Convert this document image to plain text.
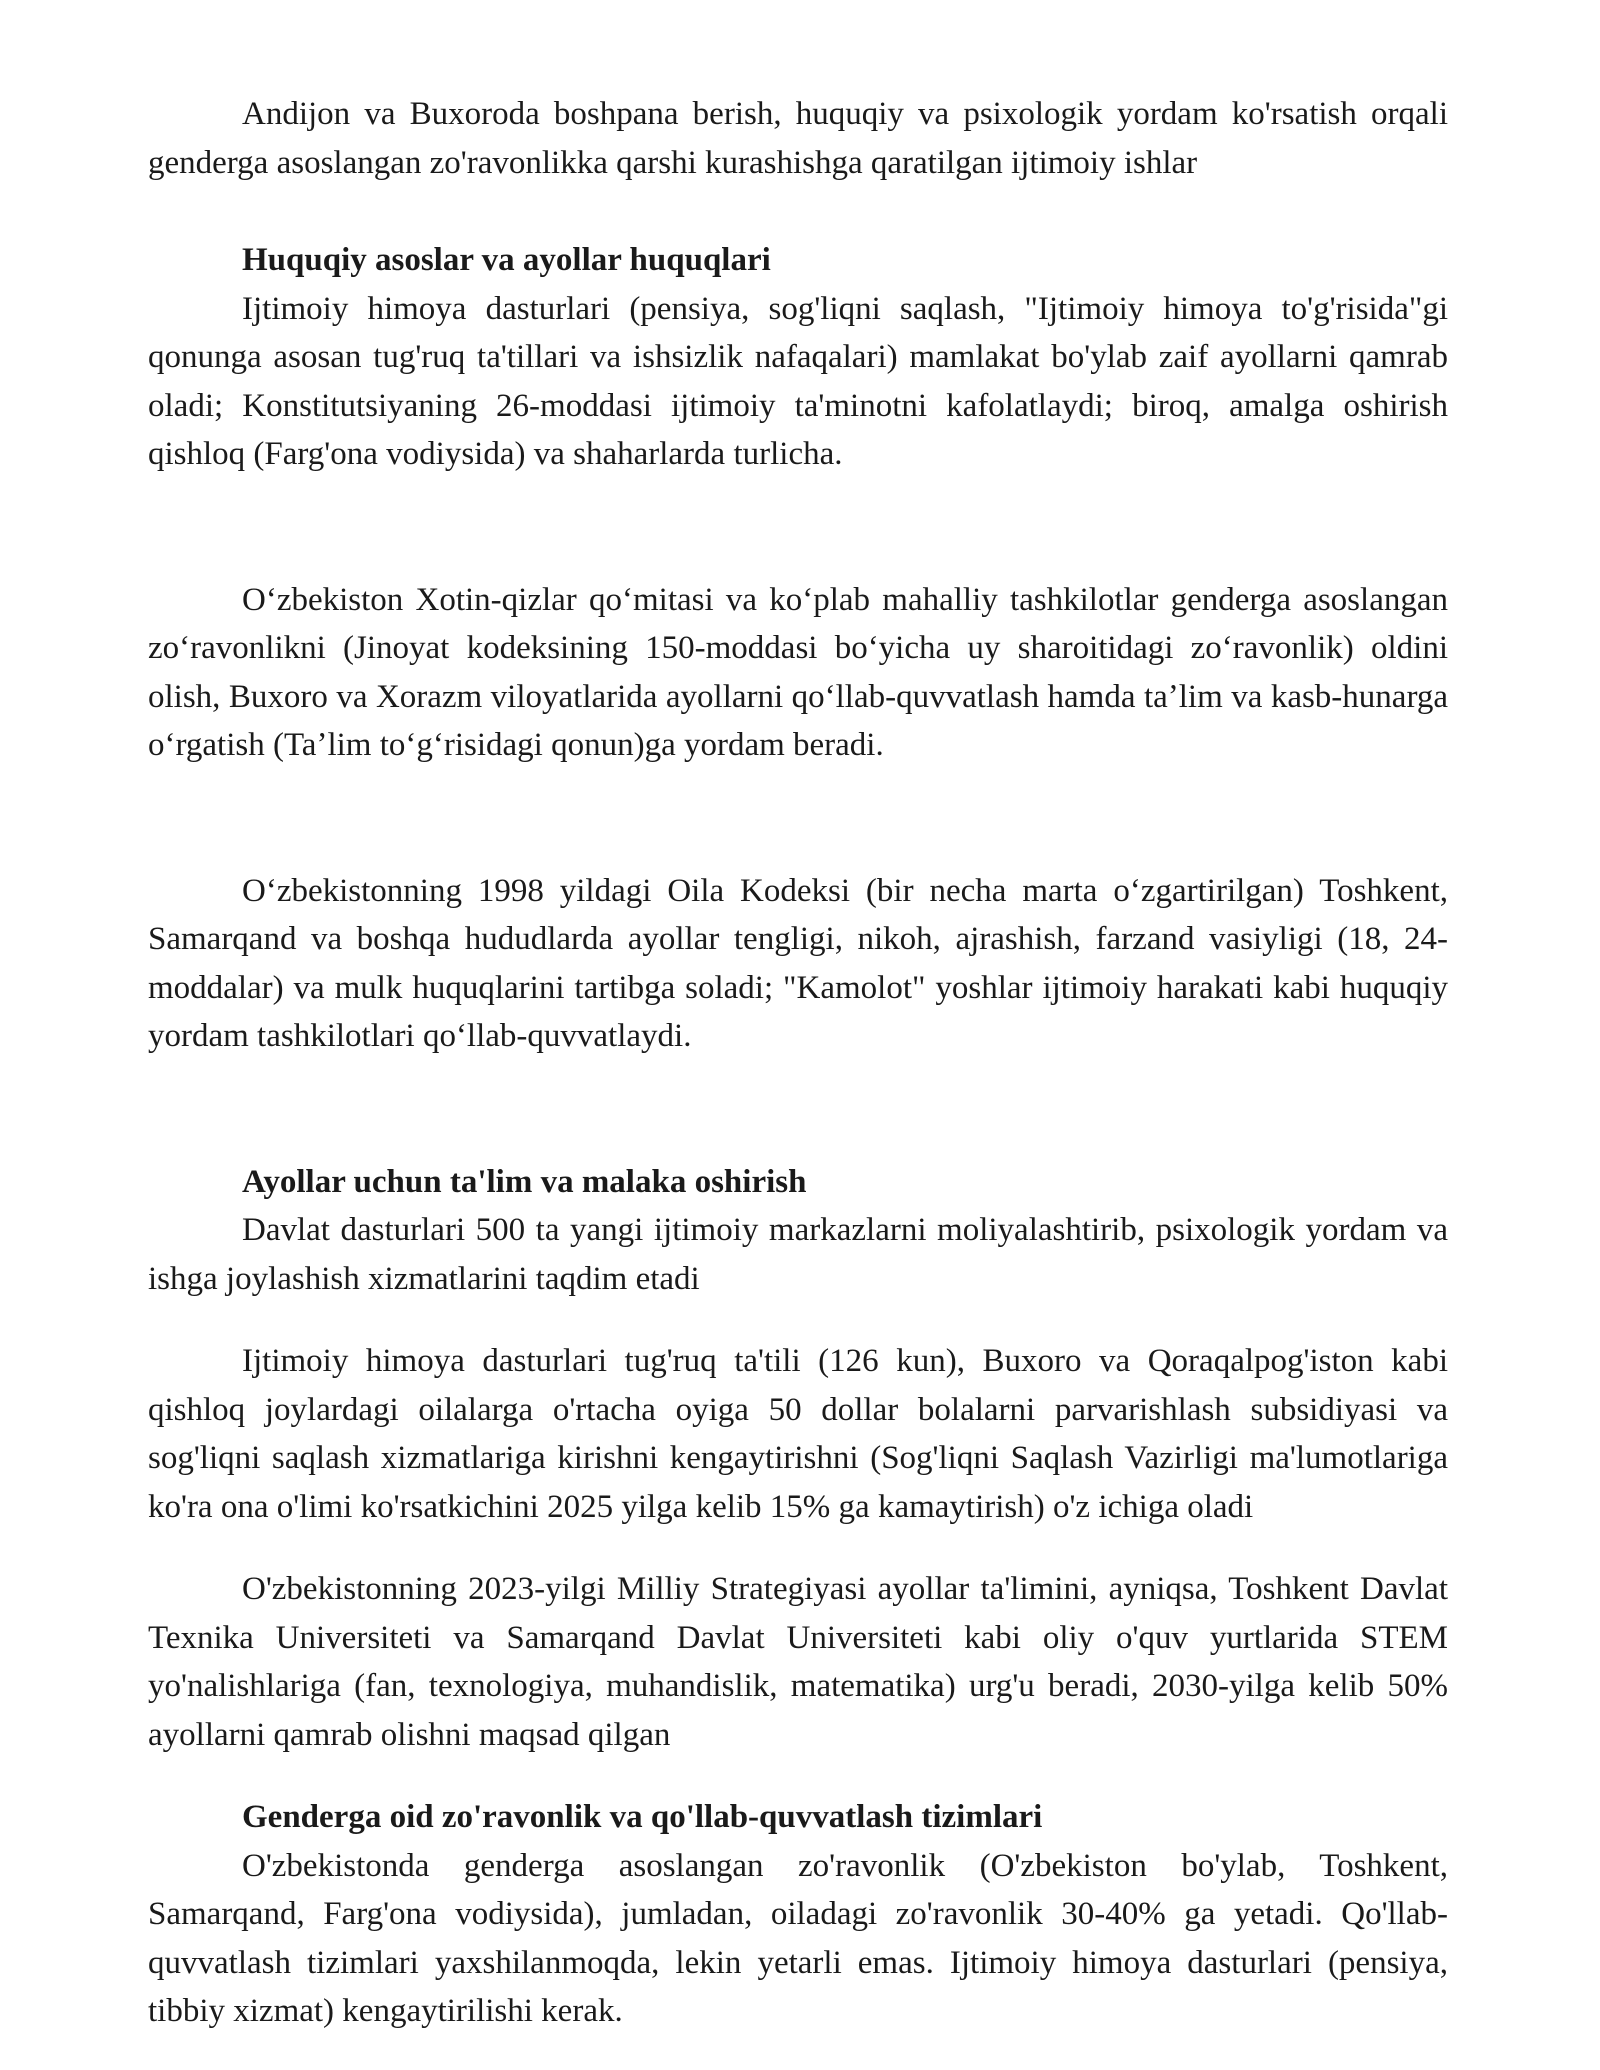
Andijon va Buxoroda boshpana berish, huquqiy va psixologik yordam ko'rsatish orqali genderga asoslangan zo'ravonlikka qarshi kurashishga qaratilgan ijtimoiy ishlar

Huquqiy asoslar va ayollar huquqlari

Ijtimoiy himoya dasturlari (pensiya, sog'liqni saqlash, "Ijtimoiy himoya to'g'risida"gi qonunga asosan tug'ruq ta'tillari va ishsizlik nafaqalari) mamlakat bo'ylab zaif ayollarni qamrab oladi; Konstitutsiyaning 26-moddasi ijtimoiy ta'minotni kafolatlaydi; biroq, amalga oshirish qishloq (Farg'ona vodiysida) va shaharlarda turlicha.

Oʻzbekiston Xotin-qizlar qoʻmitasi va koʻplab mahalliy tashkilotlar genderga asoslangan zoʻravonlikni (Jinoyat kodeksining 150-moddasi boʻyicha uy sharoitidagi zoʻravonlik) oldini olish, Buxoro va Xorazm viloyatlarida ayollarni qoʻllab-quvvatlash hamda taʼlim va kasb-hunarga oʻrgatish (Taʼlim toʻgʻrisidagi qonun)ga yordam beradi.

Oʻzbekistonning 1998 yildagi Oila Kodeksi (bir necha marta oʻzgartirilgan) Toshkent, Samarqand va boshqa hududlarda ayollar tengligi, nikoh, ajrashish, farzand vasiyligi (18, 24-moddalar) va mulk huquqlarini tartibga soladi; "Kamolot" yoshlar ijtimoiy harakati kabi huquqiy yordam tashkilotlari qoʻllab-quvvatlaydi.

Ayollar uchun ta'lim va malaka oshirish

Davlat dasturlari 500 ta yangi ijtimoiy markazlarni moliyalashtirib, psixologik yordam va ishga joylashish xizmatlarini taqdim etadi

Ijtimoiy himoya dasturlari tug'ruq ta'tili (126 kun), Buxoro va Qoraqalpog'iston kabi qishloq joylardagi oilalarga o'rtacha oyiga 50 dollar bolalarni parvarishlash subsidiyasi va sog'liqni saqlash xizmatlariga kirishni kengaytirishni (Sog'liqni Saqlash Vazirligi ma'lumotlariga ko'ra ona o'limi ko'rsatkichini 2025 yilga kelib 15% ga kamaytirish) o'z ichiga oladi

O'zbekistonning 2023-yilgi Milliy Strategiyasi ayollar ta'limini, ayniqsa, Toshkent Davlat Texnika Universiteti va Samarqand Davlat Universiteti kabi oliy o'quv yurtlarida STEM yo'nalishlariga (fan, texnologiya, muhandislik, matematika) urg'u beradi, 2030-yilga kelib 50% ayollarni qamrab olishni maqsad qilgan

Genderga oid zo'ravonlik va qo'llab-quvvatlash tizimlari

O'zbekistonda genderga asoslangan zo'ravonlik (O'zbekiston bo'ylab, Toshkent, Samarqand, Farg'ona vodiysida), jumladan, oiladagi zo'ravonlik 30-40% ga yetadi. Qo'llab-quvvatlash tizimlari yaxshilanmoqda, lekin yetarli emas. Ijtimoiy himoya dasturlari (pensiya, tibbiy xizmat) kengaytirilishi kerak.
